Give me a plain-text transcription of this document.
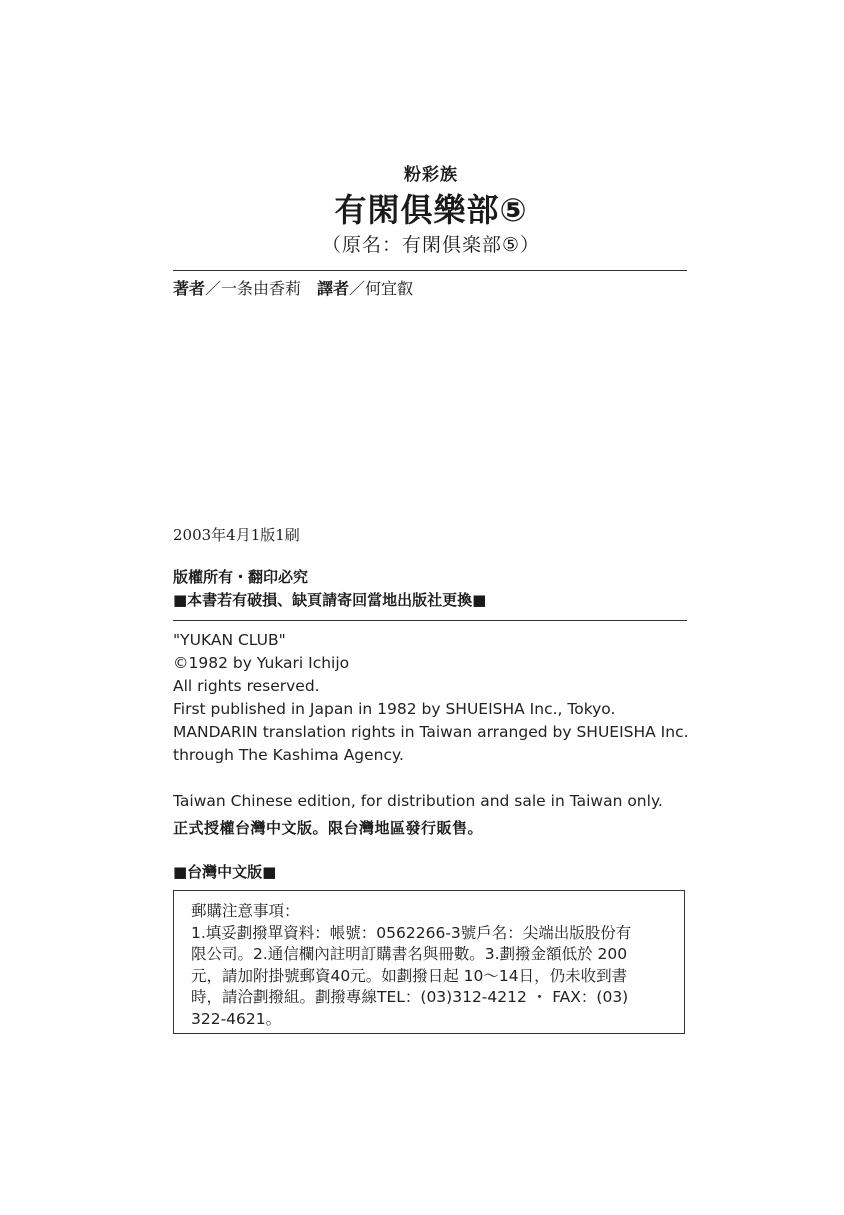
粉彩族
有閑俱樂部⑤
（原名：有閑俱楽部⑤）
著者／一条由香莉 譯者／何宜叡
2003年4月1版1刷
版權所有・翻印必究
■本書若有破損、缺頁請寄回當地出版社更換■
"YUKAN CLUB"
©1982 by Yukari Ichijo
All rights reserved.
First published in Japan in 1982 by SHUEISHA Inc., Tokyo.
MANDARIN translation rights in Taiwan arranged by SHUEISHA Inc.
through The Kashima Agency.
Taiwan Chinese edition, for distribution and sale in Taiwan only.
正式授權台灣中文版。限台灣地區發行販售。
■台灣中文版■
郵購注意事項：
1.填妥劃撥單資料：帳號：0562266-3號戶名：尖端出版股份有
限公司。2.通信欄內註明訂購書名與冊數。3.劃撥金額低於 200
元，請加附掛號郵資40元。如劃撥日起 10～14日，仍未收到書
時，請洽劃撥組。劃撥專線TEL：(03)312-4212 ・ FAX：(03)
322-4621。
